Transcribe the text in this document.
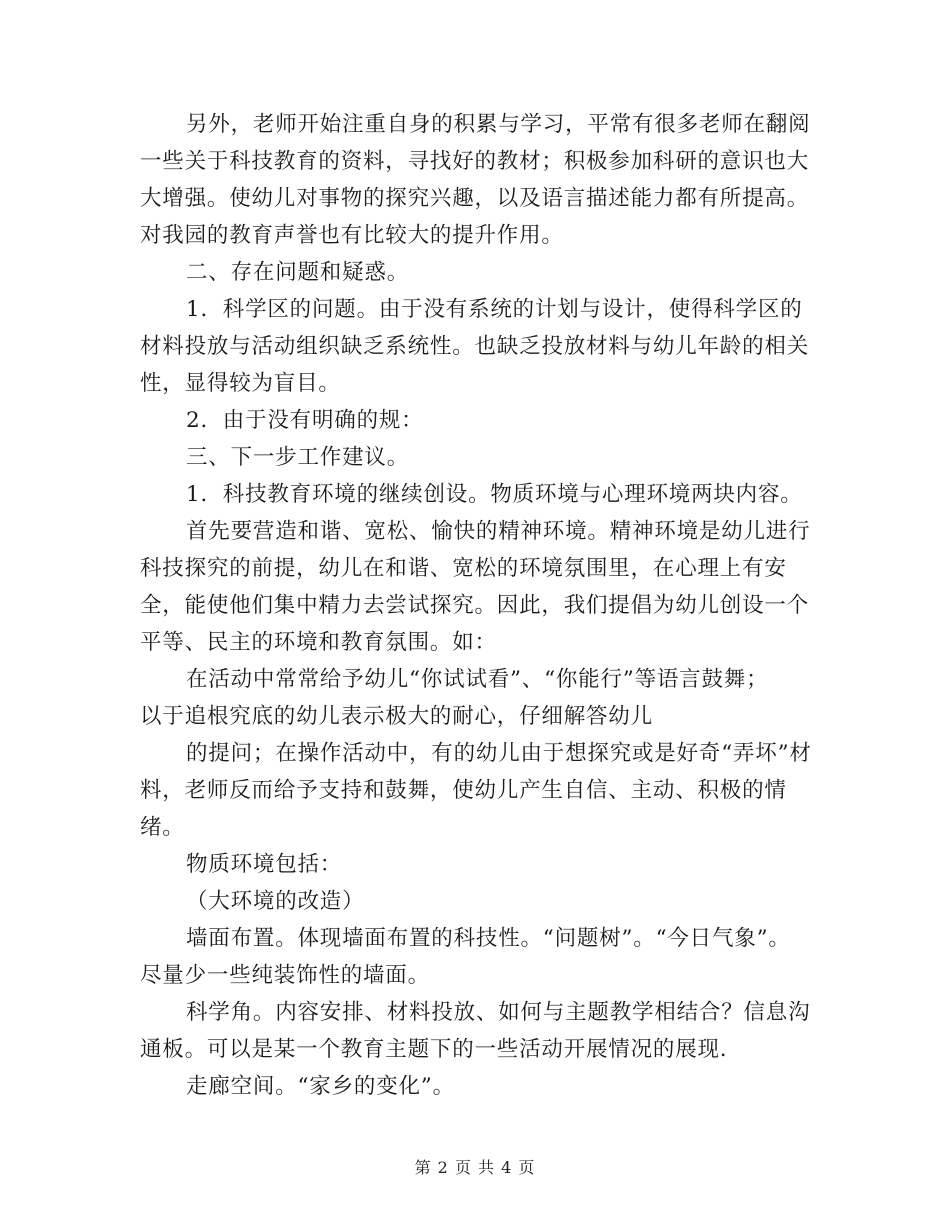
另外，老师开始注重自身的积累与学习，平常有很多老师在翻阅一些关于科技教育的资料，寻找好的教材；积极参加科研的意识也大大增强。使幼儿对事物的探究兴趣，以及语言描述能力都有所提高。对我园的教育声誉也有比较大的提升作用。

二、存在问题和疑惑。

1．科学区的问题。由于没有系统的计划与设计，使得科学区的材料投放与活动组织缺乏系统性。也缺乏投放材料与幼儿年龄的相关性，显得较为盲目。

2．由于没有明确的规：

三、下一步工作建议。

1．科技教育环境的继续创设。物质环境与心理环境两块内容。

首先要营造和谐、宽松、愉快的精神环境。精神环境是幼儿进行科技探究的前提，幼儿在和谐、宽松的环境氛围里，在心理上有安全，能使他们集中精力去尝试探究。因此，我们提倡为幼儿创设一个平等、民主的环境和教育氛围。如：

在活动中常常给予幼儿“你试试看”、“你能行”等语言鼓舞；

以于追根究底的幼儿表示极大的耐心，仔细解答幼儿

的提问；在操作活动中，有的幼儿由于想探究或是好奇“弄坏”材料，老师反而给予支持和鼓舞，使幼儿产生自信、主动、积极的情绪。

物质环境包括：

（大环境的改造）

墙面布置。体现墙面布置的科技性。“问题树”。“今日气象”。尽量少一些纯装饰性的墙面。

科学角。内容安排、材料投放、如何与主题教学相结合？信息沟通板。可以是某一个教育主题下的一些活动开展情况的展现.

走廊空间。“家乡的变化”。

第 2 页 共 4 页
